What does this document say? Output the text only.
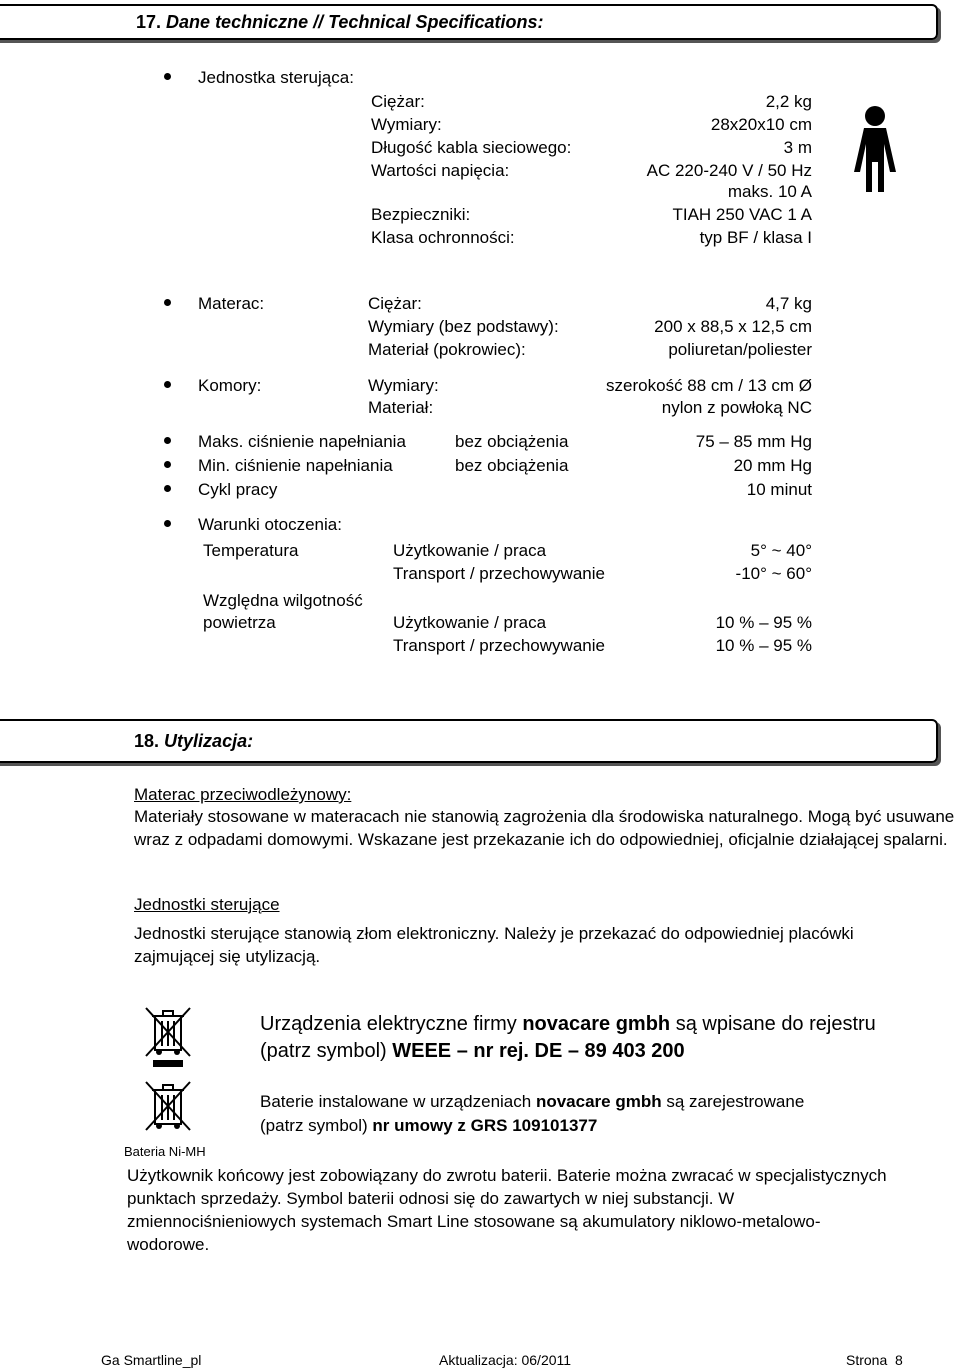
17. Dane techniczne // Technical Specifications:
Jednostka sterująca:
Ciężar:	2,2 kg
Wymiary:	28x20x10 cm
Długość kabla sieciowego:	3 m
Wartości napięcia:	AC 220-240 V / 50 Hz
maks. 10 A
Bezpieczniki:	TIAH 250 VAC 1 A
Klasa ochronności:	typ BF / klasa I
Materac:	Ciężar:	4,7 kg
Wymiary (bez podstawy):	200 x 88,5 x 12,5 cm
Materiał (pokrowiec):	poliuretan/poliester
Komory:	Wymiary:	szerokość 88 cm / 13 cm Ø
Materiał:	nylon z powłoką NC
Maks. ciśnienie napełniania	bez obciążenia	75 – 85 mm Hg
Min. ciśnienie napełniania	bez obciążenia	20 mm Hg
Cykl pracy	10 minut
Warunki otoczenia:
Temperatura	Użytkowanie / praca	5° ~ 40°
Transport / przechowywanie	-10° ~ 60°
Względna wilgotność
powietrza	Użytkowanie / praca	10 % – 95 %
Transport / przechowywanie	10 % – 95 %
18. Utylizacja:
Materac przeciwodleżynowy:
Materiały stosowane w materacach nie stanowią zagrożenia dla środowiska naturalnego. Mogą być usuwane wraz z odpadami domowymi. Wskazane jest przekazanie ich do odpowiedniej, oficjalnie działającej spalarni.
Jednostki sterujące
Jednostki sterujące stanowią złom elektroniczny. Należy je przekazać do odpowiedniej placówki zajmującej się utylizacją.
Urządzenia elektryczne firmy novacare gmbh są wpisane do rejestru
(patrz symbol) WEEE – nr rej. DE – 89 403 200
Bateria Ni-MH
Baterie instalowane w urządzeniach novacare gmbh są zarejestrowane
(patrz symbol) nr umowy z GRS 109101377
Użytkownik końcowy jest zobowiązany do zwrotu baterii. Baterie można zwracać w specjalistycznych punktach sprzedaży. Symbol baterii odnosi się do zawartych w niej substancji. W zmiennociśnieniowych systemach Smart Line stosowane są akumulatory niklowo-metalowo-wodorowe.
Ga Smartline_pl	Aktualizacja: 06/2011	Strona  8
